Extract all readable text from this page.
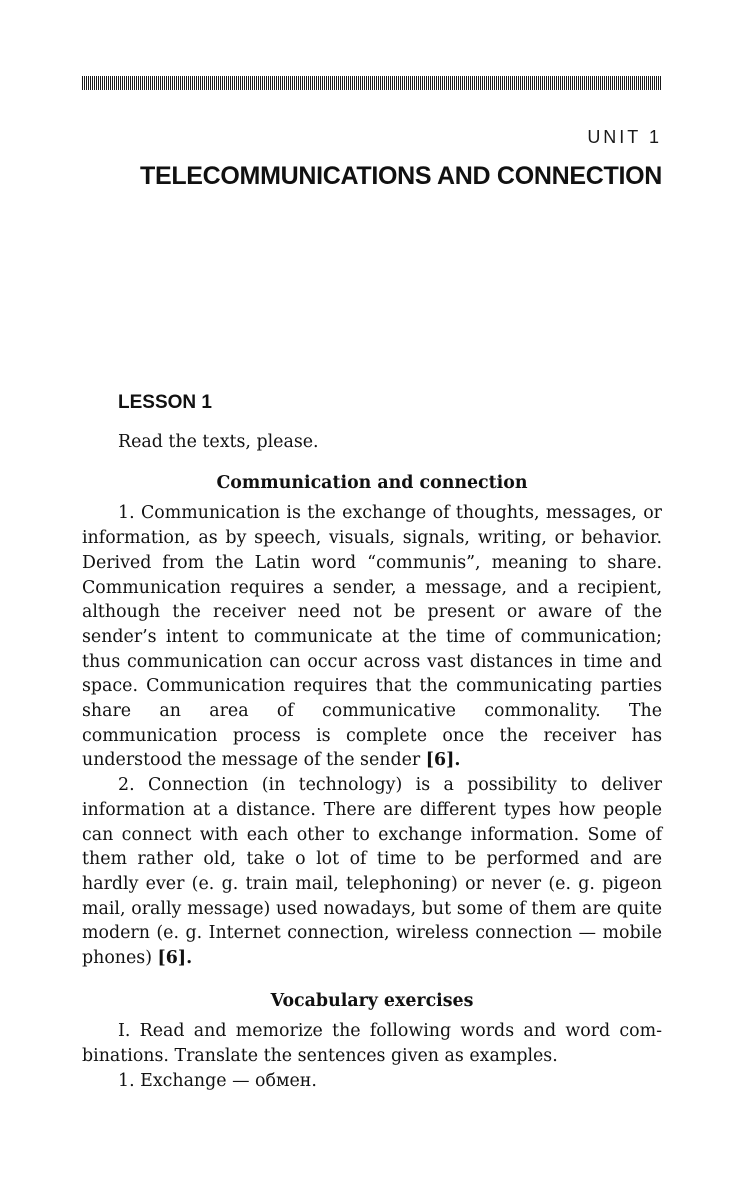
UNIT 1
TELECOMMUNICATIONS AND CONNECTION
LESSON 1

Read the texts, please.

Communication and connection

1. Communication is the exchange of thoughts, messages, or information, as by speech, visuals, signals, writing, or behavior. Derived from the Latin word “communis”, meaning to share. Communication requires a sender, a message, and a recipient, although the receiver need not be present or aware of the sender’s intent to communicate at the time of communication; thus communication can occur across vast distances in time and space. Communication requires that the communicating parties share an area of communicative commonality. The communication process is complete once the receiver has understood the message of the sender [6].

2. Connection (in technology) is a possibility to deliver information at a distance. There are different types how people can connect with each other to exchange information. Some of them rather old, take o lot of time to be performed and are hardly ever (e. g. train mail, telephoning) or never (e. g. pigeon mail, orally message) used nowadays, but some of them are quite modern (e. g. Internet connection, wireless connection — mobile phones) [6].

Vocabulary exercises

I. Read and memorize the following words and word combinations. Translate the sentences given as examples.

1. Exchange — обмен.
